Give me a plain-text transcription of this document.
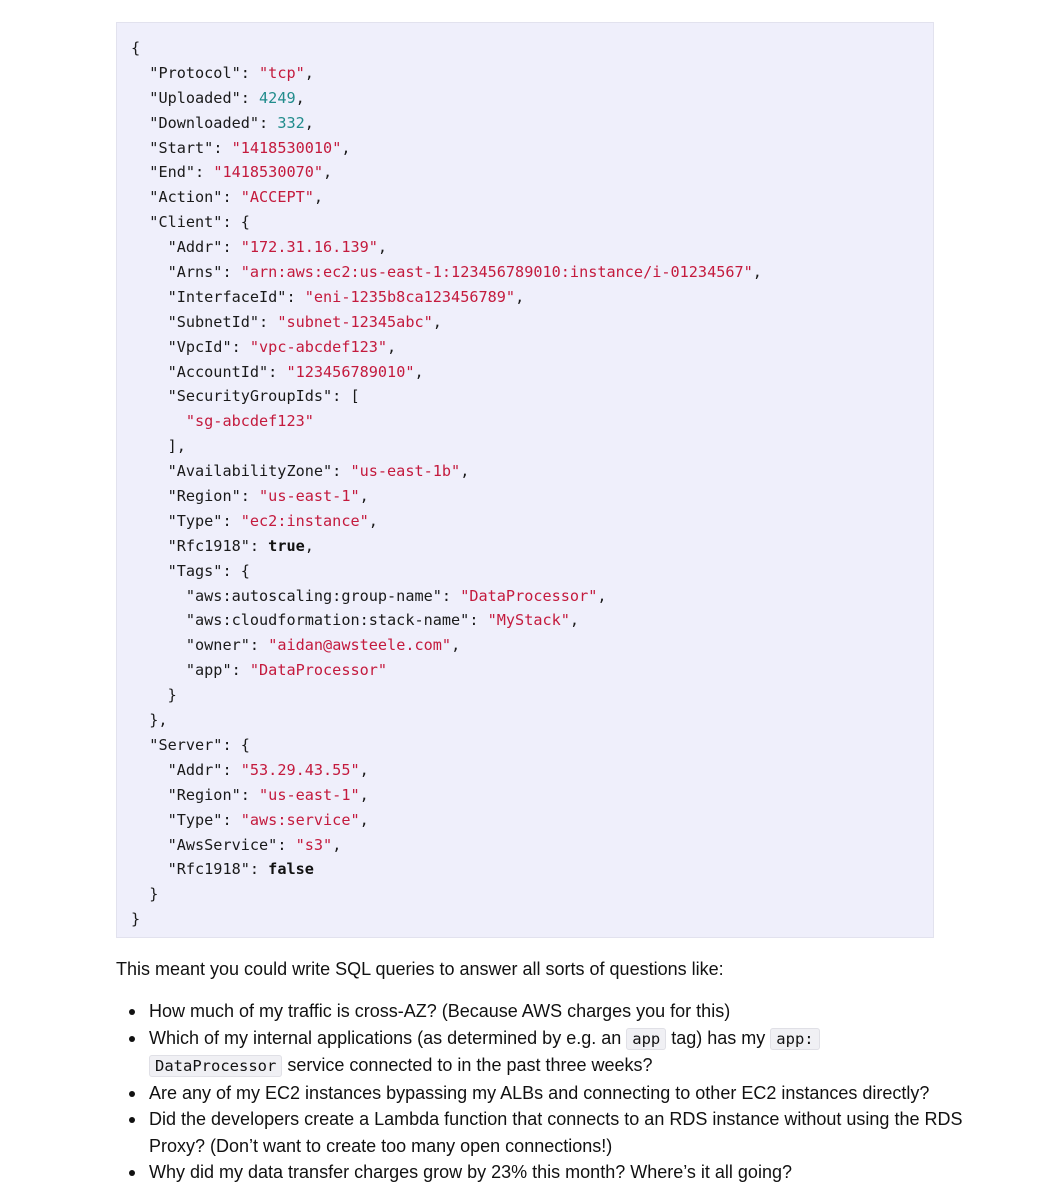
{
"Protocol": "tcp",
"Uploaded": 4249,
"Downloaded": 332,
"Start": "1418530010",
"End": "1418530070",
"Action": "ACCEPT",
"Client": {
"Addr": "172.31.16.139",
"Arns": "arn:aws:ec2:us-east-1:123456789010:instance/i-01234567",
"InterfaceId": "eni-1235b8ca123456789",
"SubnetId": "subnet-12345abc",
"VpcId": "vpc-abcdef123",
"AccountId": "123456789010",
"SecurityGroupIds": [
"sg-abcdef123"
],
"AvailabilityZone": "us-east-1b",
"Region": "us-east-1",
"Type": "ec2:instance",
"Rfc1918": true,
"Tags": {
"aws:autoscaling:group-name": "DataProcessor",
"aws:cloudformation:stack-name": "MyStack",
"owner": "aidan@awsteele.com",
"app": "DataProcessor"
}
},
"Server": {
"Addr": "53.29.43.55",
"Region": "us-east-1",
"Type": "aws:service",
"AwsService": "s3",
"Rfc1918": false
}
}

This meant you could write SQL queries to answer all sorts of questions like:

How much of my traffic is cross-AZ? (Because AWS charges you for this)
Which of my internal applications (as determined by e.g. an app tag) has my app:
DataProcessor service connected to in the past three weeks?
Are any of my EC2 instances bypassing my ALBs and connecting to other EC2 instances directly?
Did the developers create a Lambda function that connects to an RDS instance without using the RDS Proxy? (Don’t want to create too many open connections!)
Why did my data transfer charges grow by 23% this month? Where’s it all going?
